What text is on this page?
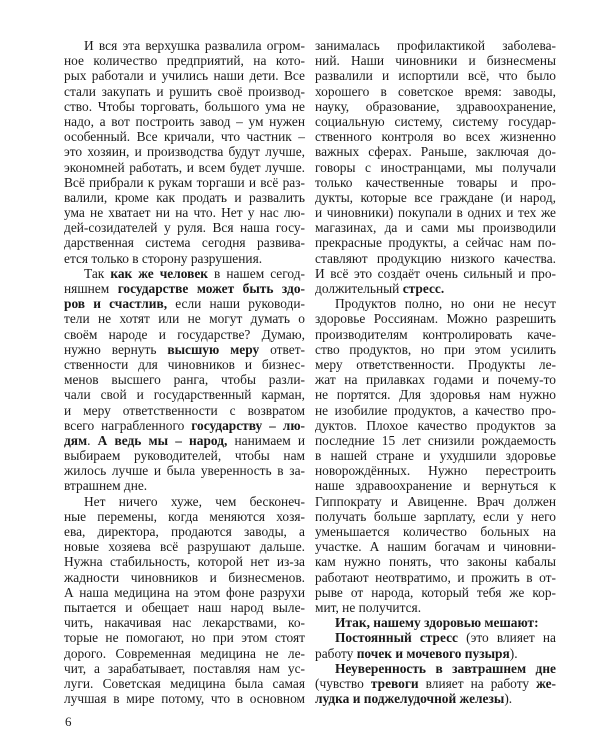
И вся эта верхушка развалила огром-
ное количество предприятий, на кото-
рых работали и учились наши дети. Все
стали закупать и рушить своё производ-
ство. Чтобы торговать, большого ума не
надо, а вот построить завод – ум нужен
особенный. Все кричали, что частник –
это хозяин, и производства будут лучше,
экономней работать, и всем будет лучше.
Всё прибрали к рукам торгаши и всё раз-
валили, кроме как продать и развалить
ума не хватает ни на что. Нет у нас лю-
дей-созидателей у руля. Вся наша госу-
дарственная система сегодня развива-
ется только в сторону разрушения.
Так как же человек в нашем сегод-
няшнем государстве может быть здо-
ров и счастлив, если наши руководи-
тели не хотят или не могут думать о
своём народе и государстве? Думаю,
нужно вернуть высшую меру ответ-
ственности для чиновников и бизнес-
менов высшего ранга, чтобы разли-
чали свой и государственный карман,
и меру ответственности с возвратом
всего награбленного государству – лю-
дям. А ведь мы – народ, нанимаем и
выбираем руководителей, чтобы нам
жилось лучше и была уверенность в за-
втрашнем дне.
Нет ничего хуже, чем бесконеч-
ные перемены, когда меняются хозя-
ева, директора, продаются заводы, а
новые хозяева всё разрушают дальше.
Нужна стабильность, которой нет из-за
жадности чиновников и бизнесменов.
А наша медицина на этом фоне разрухи
пытается и обещает наш народ выле-
чить, накачивая нас лекарствами, ко-
торые не помогают, но при этом стоят
дорого. Современная медицина не ле-
чит, а зарабатывает, поставляя нам ус-
луги. Советская медицина была самая
лучшая в мире потому, что в основном
занималась профилактикой заболева-
ний. Наши чиновники и бизнесмены
развалили и испортили всё, что было
хорошего в советское время: заводы,
науку, образование, здравоохранение,
социальную систему, систему государ-
ственного контроля во всех жизненно
важных сферах. Раньше, заключая до-
говоры с иностранцами, мы получали
только качественные товары и про-
дукты, которые все граждане (и народ,
и чиновники) покупали в одних и тех же
магазинах, да и сами мы производили
прекрасные продукты, а сейчас нам по-
ставляют продукцию низкого качества.
И всё это создаёт очень сильный и про-
должительный стресс.
Продуктов полно, но они не несут
здоровье Россиянам. Можно разрешить
производителям контролировать каче-
ство продуктов, но при этом усилить
меру ответственности. Продукты ле-
жат на прилавках годами и почему-то
не портятся. Для здоровья нам нужно
не изобилие продуктов, а качество про-
дуктов. Плохое качество продуктов за
последние 15 лет снизили рождаемость
в нашей стране и ухудшили здоровье
новорождённых. Нужно перестроить
наше здравоохранение и вернуться к
Гиппократу и Авиценне. Врач должен
получать больше зарплату, если у него
уменьшается количество больных на
участке. А нашим богачам и чиновни-
кам нужно понять, что законы кабалы
работают неотвратимо, и прожить в от-
рыве от народа, который тебя же кор-
мит, не получится.
Итак, нашему здоровью мешают:
Постоянный стресс (это влияет на
работу почек и мочевого пузыря).
Неуверенность в завтрашнем дне
(чувство тревоги влияет на работу же-
лудка и поджелудочной железы).
6
